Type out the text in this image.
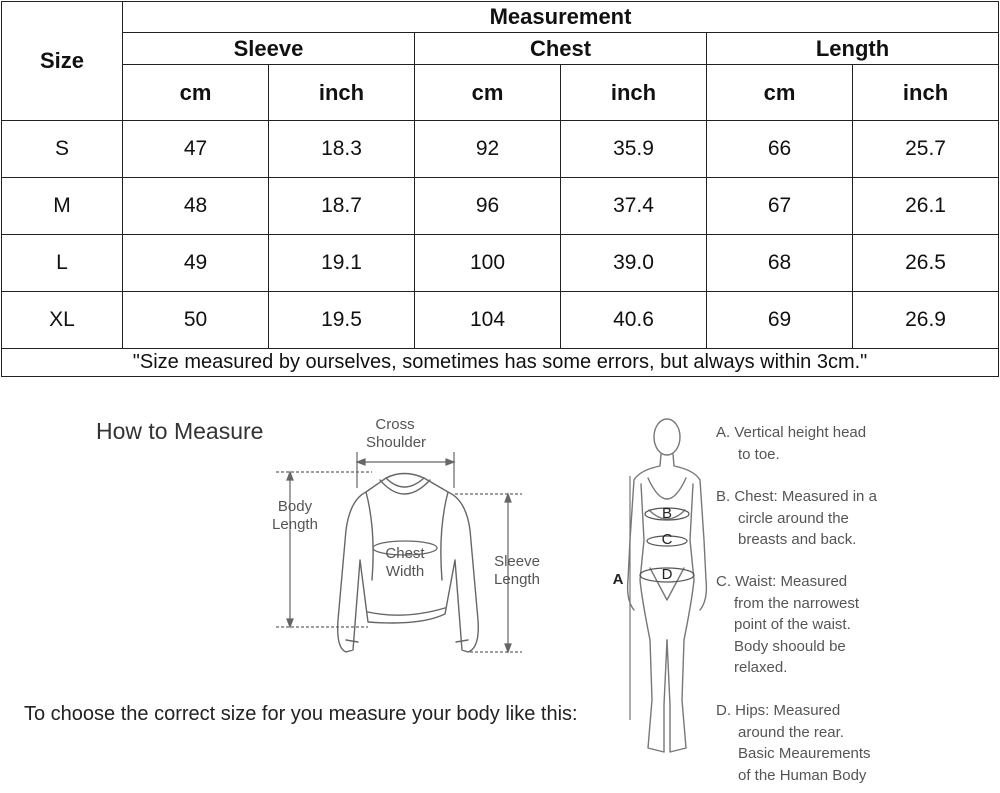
Size	Measurement					
	Sleeve		Chest		Length	
	cm	inch	cm	inch	cm	inch
S	47	18.3	92	35.9	66	25.7
M	48	18.7	96	37.4	67	26.1
L	49	19.1	100	39.0	68	26.5
XL	50	19.5	104	40.6	69	26.9
"Size measured by ourselves, sometimes has some errors, but always within 3cm."						
How to Measure
To choose the correct size for you measure your body like this:
Cross
Shoulder
Body
Length
Chest
Width
Sleeve
Length	A
B
C
D
A. Vertical height head
to toe.
B. Chest: Measured in a
circle around the
breasts and back.
C. Waist: Measured
from the narrowest
point of the waist.
Body shoould be
relaxed.
D. Hips: Measured
around the rear.
Basic Meaurements
of the Human Body
